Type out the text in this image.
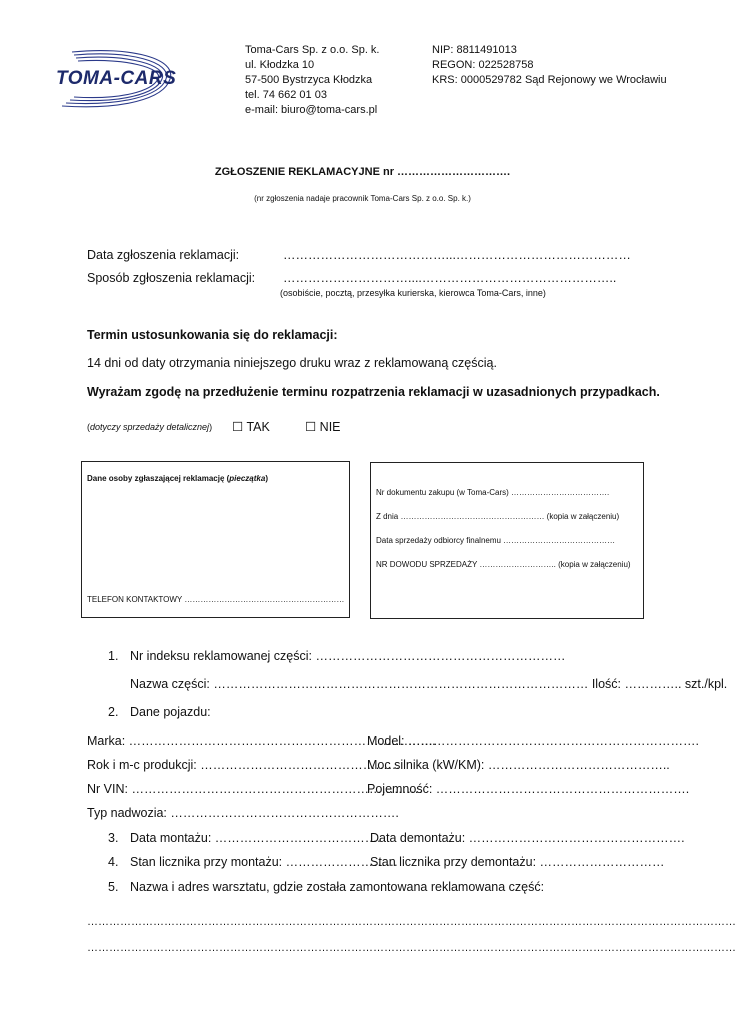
TOMA-CARS
Toma-Cars Sp. z o.o. Sp. k.
ul. Kłodzka 10
57-500 Bystrzyca Kłodzka
tel. 74 662 01 03
e-mail: biuro@toma-cars.pl
NIP: 8811491013
REGON: 022528758
KRS: 0000529782 Sąd Rejonowy we Wrocławiu
ZGŁOSZENIE REKLAMACYJNE nr ………………………….
(nr zgłoszenia nadaje pracownik Toma-Cars Sp. z o.o. Sp. k.)
Data zgłoszenia reklamacji:	…………………………………...……………………………………
Sposób zgłoszenia reklamacji: …………………………....………………………………………..
(osobiście, pocztą, przesyłka kurierska, kierowca Toma-Cars, inne)
Termin ustosunkowania się do reklamacji:
14 dni od daty otrzymania niniejszego druku wraz z reklamowaną częścią.
Wyrażam zgodę na przedłużenie terminu rozpatrzenia reklamacji w uzasadnionych przypadkach.
(dotyczy sprzedaży detalicznej) ☐ TAK	☐ NIE
Dane osoby zgłaszającej reklamację (pieczątka)
TELEFON KONTAKTOWY ……………………………………………………
Nr dokumentu zakupu (w Toma-Cars) ……………………………….
Z dnia ……………………………………………… (kopia w załączeniu)
Data sprzedaży odbiorcy finalnemu ……………………………………
NR DOWODU SPRZEDAŻY ……………………….. (kopia w załączeniu)
1. Nr indeksu reklamowanej części: ……………………………………………………
Nazwa części: ……………………………………………………………………………… Ilość: ………….. szt./kpl.
2. Dane pojazdu:
Marka: ………………………………………………………………..
Model: …………………………………………………………….
Rok i m-c produkcji: …………………………………………
Moc silnika (kW/KM): ……………………………………..
Nr VIN: …………………………………………………………….
Pojemność: …………………………………………………….
Typ nadwozia: ……………………………………………….
3. Data montażu: ………………………………….
Data demontażu: …………………………………………….
4. Stan licznika przy montażu: ………………………
Stan licznika przy demontażu: …………………………
5. Nazwa i adres warsztatu, gdzie została zamontowana reklamowana część:
……………………………………………………………………………………………………………………………………………………………
……………………………………………………………………………………………………………………………………………………………
